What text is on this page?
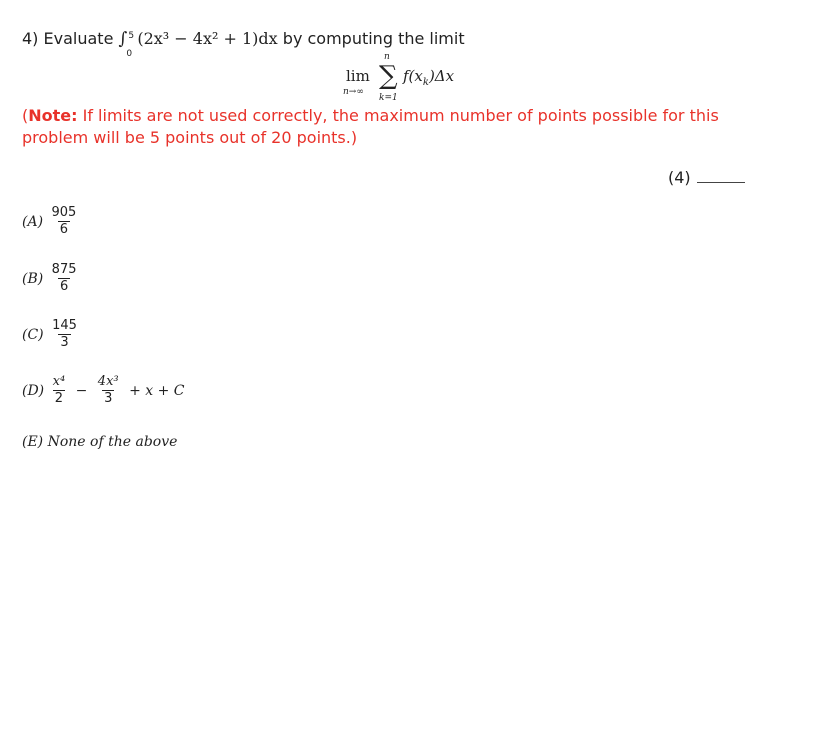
4) Evaluate ∫ 5
0
(2x³ − 4x² + 1)dx by computing the limit
lim
n→∞
n
∑
k=1
$f(x_k)\Delta x$
(Note: If limits are not used correctly, the maximum number of points possible for this problem will be 5 points out of 20 points.)
(4)
$(A) \frac{905}{6}$
$(B) \frac{875}{6}$
$(C) \frac{145}{3}$
$(D) \frac{\text{x⁴}}{2} - \frac{\text{4x³}}{3} + x + C$
(E) None of the above
